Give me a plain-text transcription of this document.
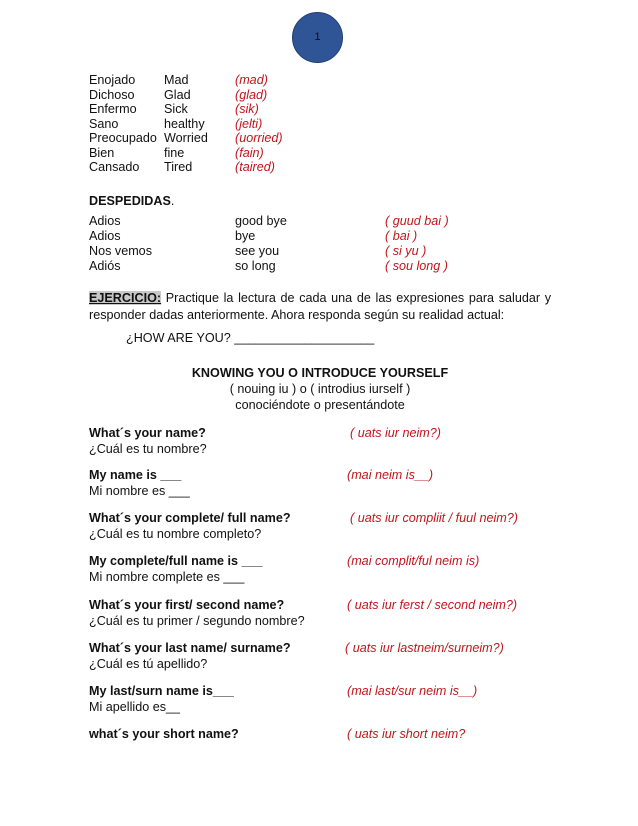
1
Enojado Mad	(mad)
Dichoso Glad	(glad)
Enfermo Sick	(sik)
Sano	healthy (jelti)
Preocupado Worried (uorried)
Bien	fine	(fain)
Cansado Tired	(taired)
DESPEDIDAS.
Adios	good bye	( guud bai )
Adios	bye	( bai )
Nos vemos	see you	( si yu )
Adiós	so long	( sou long )
EJERCICIO: Practique la lectura de cada una de las expresiones para saludar y responder dadas anteriormente. Ahora responda según su realidad actual:
¿HOW ARE YOU? ____________________
KNOWING YOU O INTRODUCE YOURSELF
( nouing iu ) o ( introdius iurself )
conociéndote o presentándote
What´s your name?	( uats iur neim?)
¿Cuál es tu nombre?
My name is ___	(mai neim is__)
Mi nombre es ___
What´s your complete/ full name?	( uats iur compliit / fuul neim?)
¿Cuál es tu nombre completo?
My complete/full name is ___	(mai complit/ful neim is)
Mi nombre complete es ___
What´s your first/ second name?	( uats iur ferst / second neim?)
¿Cuál es tu primer / segundo nombre?
What´s your last name/ surname?	( uats iur lastneim/surneim?)
¿Cuál es tú apellido?
My last/surn name is___	(mai last/sur neim is__)
Mi apellido es__
what´s your short name?	( uats iur short neim?
